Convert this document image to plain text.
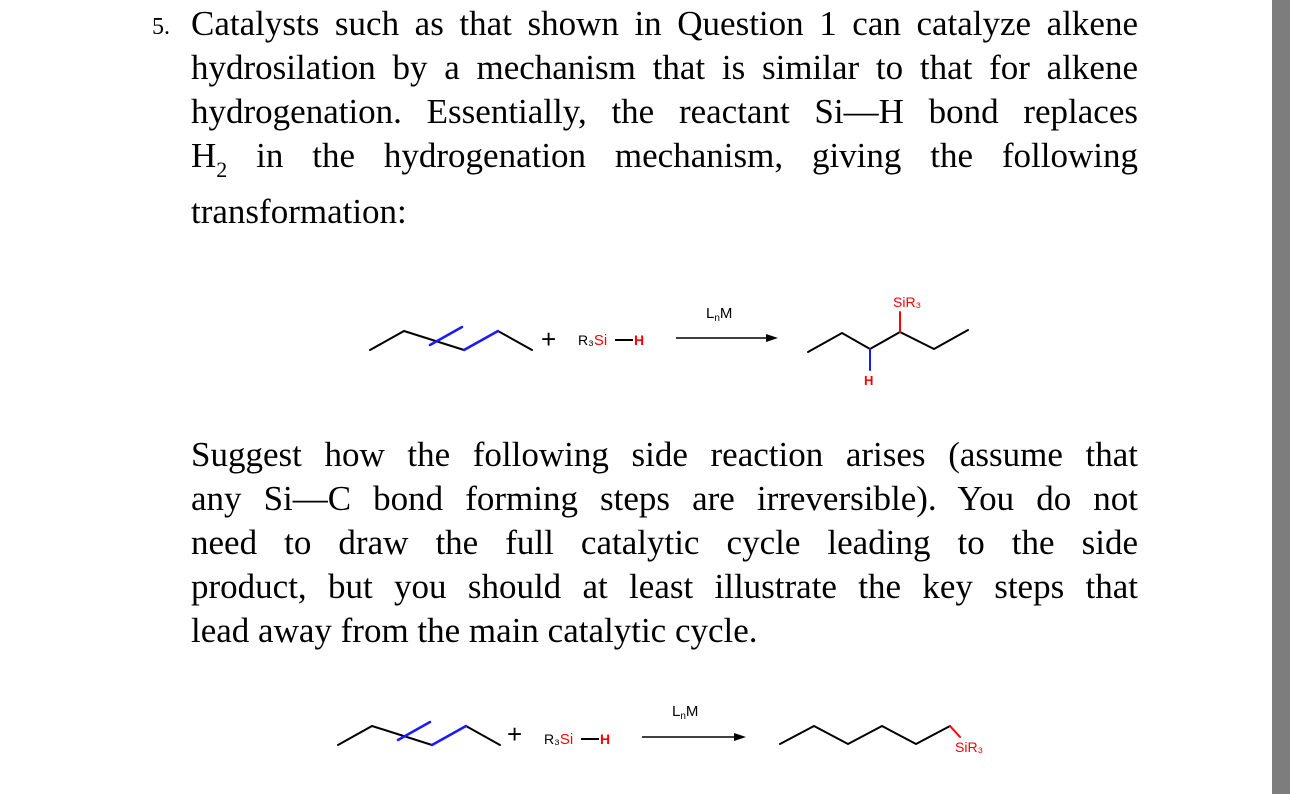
5. Catalysts such as that shown in Question 1 can catalyze alkene
hydrosilation by a mechanism that is similar to that for alkene
hydrogenation. Essentially, the reactant Si—H bond replaces
$H_2$ in the hydrogenation mechanism, giving the following
transformation:

+ R₃Si H
$L_nM$
SiR₃
H

Suggest how the following side reaction arises (assume that
any Si—C bond forming steps are irreversible). You do not
need to draw the full catalytic cycle leading to the side
product, but you should at least illustrate the key steps that
lead away from the main catalytic cycle.

+ R₃Si H
$L_nM$
SiR₃
